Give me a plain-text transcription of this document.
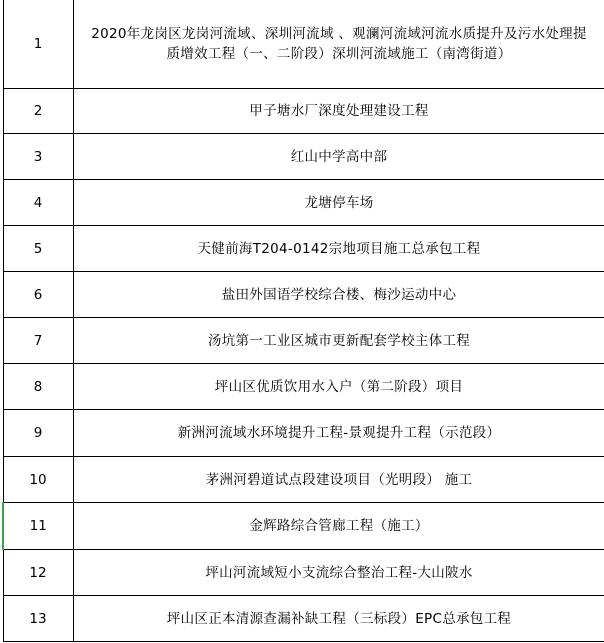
1	2020年龙岗区龙岗河流域、深圳河流域 、观澜河流域河流水质提升及污水处理提质增效工程（一、二阶段）深圳河流域施工（南湾街道）
2	甲子塘水厂深度处理建设工程
3	红山中学高中部
4	龙塘停车场
5	天健前海T204-0142宗地项目施工总承包工程
6	盐田外国语学校综合楼、梅沙运动中心
7	汤坑第一工业区城市更新配套学校主体工程
8	坪山区优质饮用水入户（第二阶段）项目
9	新洲河流域水环境提升工程-景观提升工程（示范段）
10	茅洲河碧道试点段建设项目（光明段） 施工
11	金辉路综合管廊工程（施工）
12	坪山河流域短小支流综合整治工程-大山陂水
13	坪山区正本清源查漏补缺工程（三标段）EPC总承包工程
